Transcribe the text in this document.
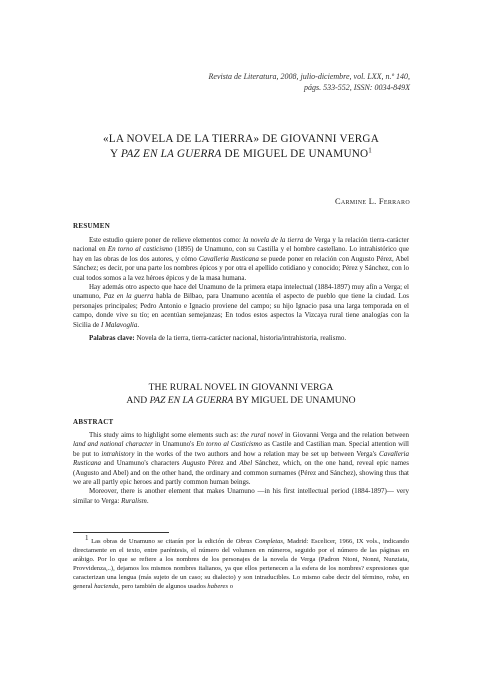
Revista de Literatura, 2008, julio-diciembre, vol. LXX, n.º 140,
págs. 533-552, ISSN: 0034-849X
«LA NOVELA DE LA TIERRA» DE GIOVANNI VERGA
Y PAZ EN LA GUERRA DE MIGUEL DE UNAMUNO$^1$
Carmine L. Ferraro
RESUMEN

Este estudio quiere poner de relieve elementos como: la novela de la tierra de Verga y la relación tierra-carácter nacional en En torno al casticismo (1895) de Unamuno, con su Castilla y el hombre castellano. Lo intrahistórico que hay en las obras de los dos autores, y cómo Cavalleria Rusticana se puede poner en relación con Augusto Pérez, Abel Sánchez; es decir, por una parte los nombres épicos y por otra el apellido cotidiano y conocido; Pérez y Sánchez, con lo cual todos somos a la vez héroes épicos y de la masa humana.

Hay además otro aspecto que hace del Unamuno de la primera etapa intelectual (1884-1897) muy afín a Verga; el unamuno, Paz en la guerra habla de Bilbao, para Unamuno acentúa el aspecto de pueblo que tiene la ciudad. Los personajes principales; Pedro Antonio e Ignacio proviene del campo; su hijo Ignacio pasa una larga temporada en el campo, donde vive su tío; en acentúan semejanzas; En todos estos aspectos la Vizcaya rural tiene analogías con la Sicilia de I Malavoglia.

Palabras clave: Novela de la tierra, tierra-carácter nacional, historia/intrahistoria, realismo.

THE RURAL NOVEL IN GIOVANNI VERGA
AND PAZ EN LA GUERRA BY MIGUEL DE UNAMUNO
ABSTRACT

This study aims to highlight some elements such as: the rural novel in Giovanni Verga and the relation between land and national character in Unamuno's En torno al Casticismo as Castile and Castilian man. Special attention will be put to intrahistory in the works of the two authors and how a relation may be set up between Verga's Cavalleria Rusticana and Unamuno's characters Augusto Pérez and Abel Sánchez, which, on the one hand, reveal epic names (Augusto and Abel) and on the other hand, the ordinary and common surnames (Pérez and Sánchez), showing thus that we are all partly epic heroes and partly common human beings.

Moreover, there is another element that makes Unamuno —in his first intellectual period (1884-1897)— very similar to Verga: Ruralism.

$^1$ Las obras de Unamuno se citarán por la edición de Obras Completas, Madrid: Escelicer, 1966, IX vols., indicando directamente en el texto, entre paréntesis, el número del volumen en números, seguido por el número de las páginas en arábigo. Por lo que se refiere a los nombres de los personajes de la novela de Verga (Padron Ntoni, Nonni, Nunziata, Provvidenza,..), dejamos los mismos nombres italianos, ya que ellos pertenecen a la esfera de los nombres? expresiones que caracterizan una lengua (más sujeto de un caso; su dialecto) y son intraducibles. Lo mismo cabe decir del término, roba, en general hacienda, pero también de algunos usados haberes o
